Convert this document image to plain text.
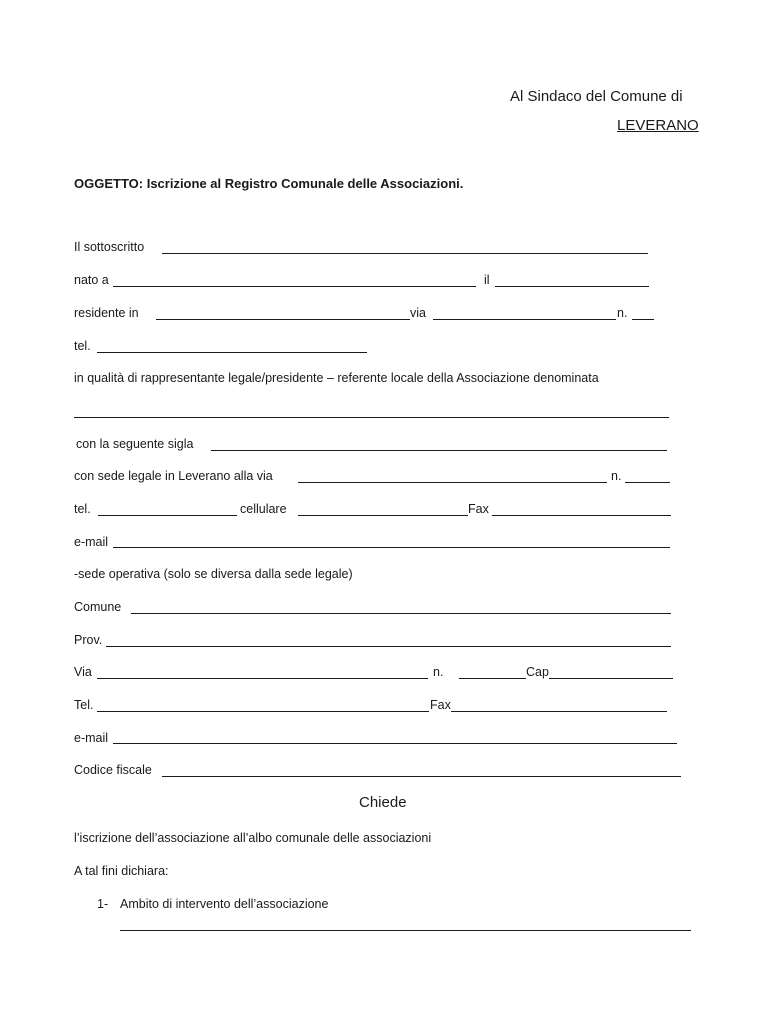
Al Sindaco del Comune di
LEVERANO
OGGETTO: Iscrizione al Registro Comunale delle Associazioni.
Il sottoscritto
nato a	il
residente in	via	n.
tel.
in qualità di rappresentante legale/presidente – referente locale della Associazione denominata
con la seguente sigla
con sede legale in Leverano alla via	n.
tel.	cellulare	Fax
e-mail
-sede operativa (solo se diversa dalla sede legale)
Comune
Prov.
Via	n.	Cap
Tel.	Fax
e-mail
Codice fiscale
Chiede
l’iscrizione dell’associazione all’albo comunale delle associazioni
A tal fini dichiara:
1- Ambito di intervento dell’associazione
